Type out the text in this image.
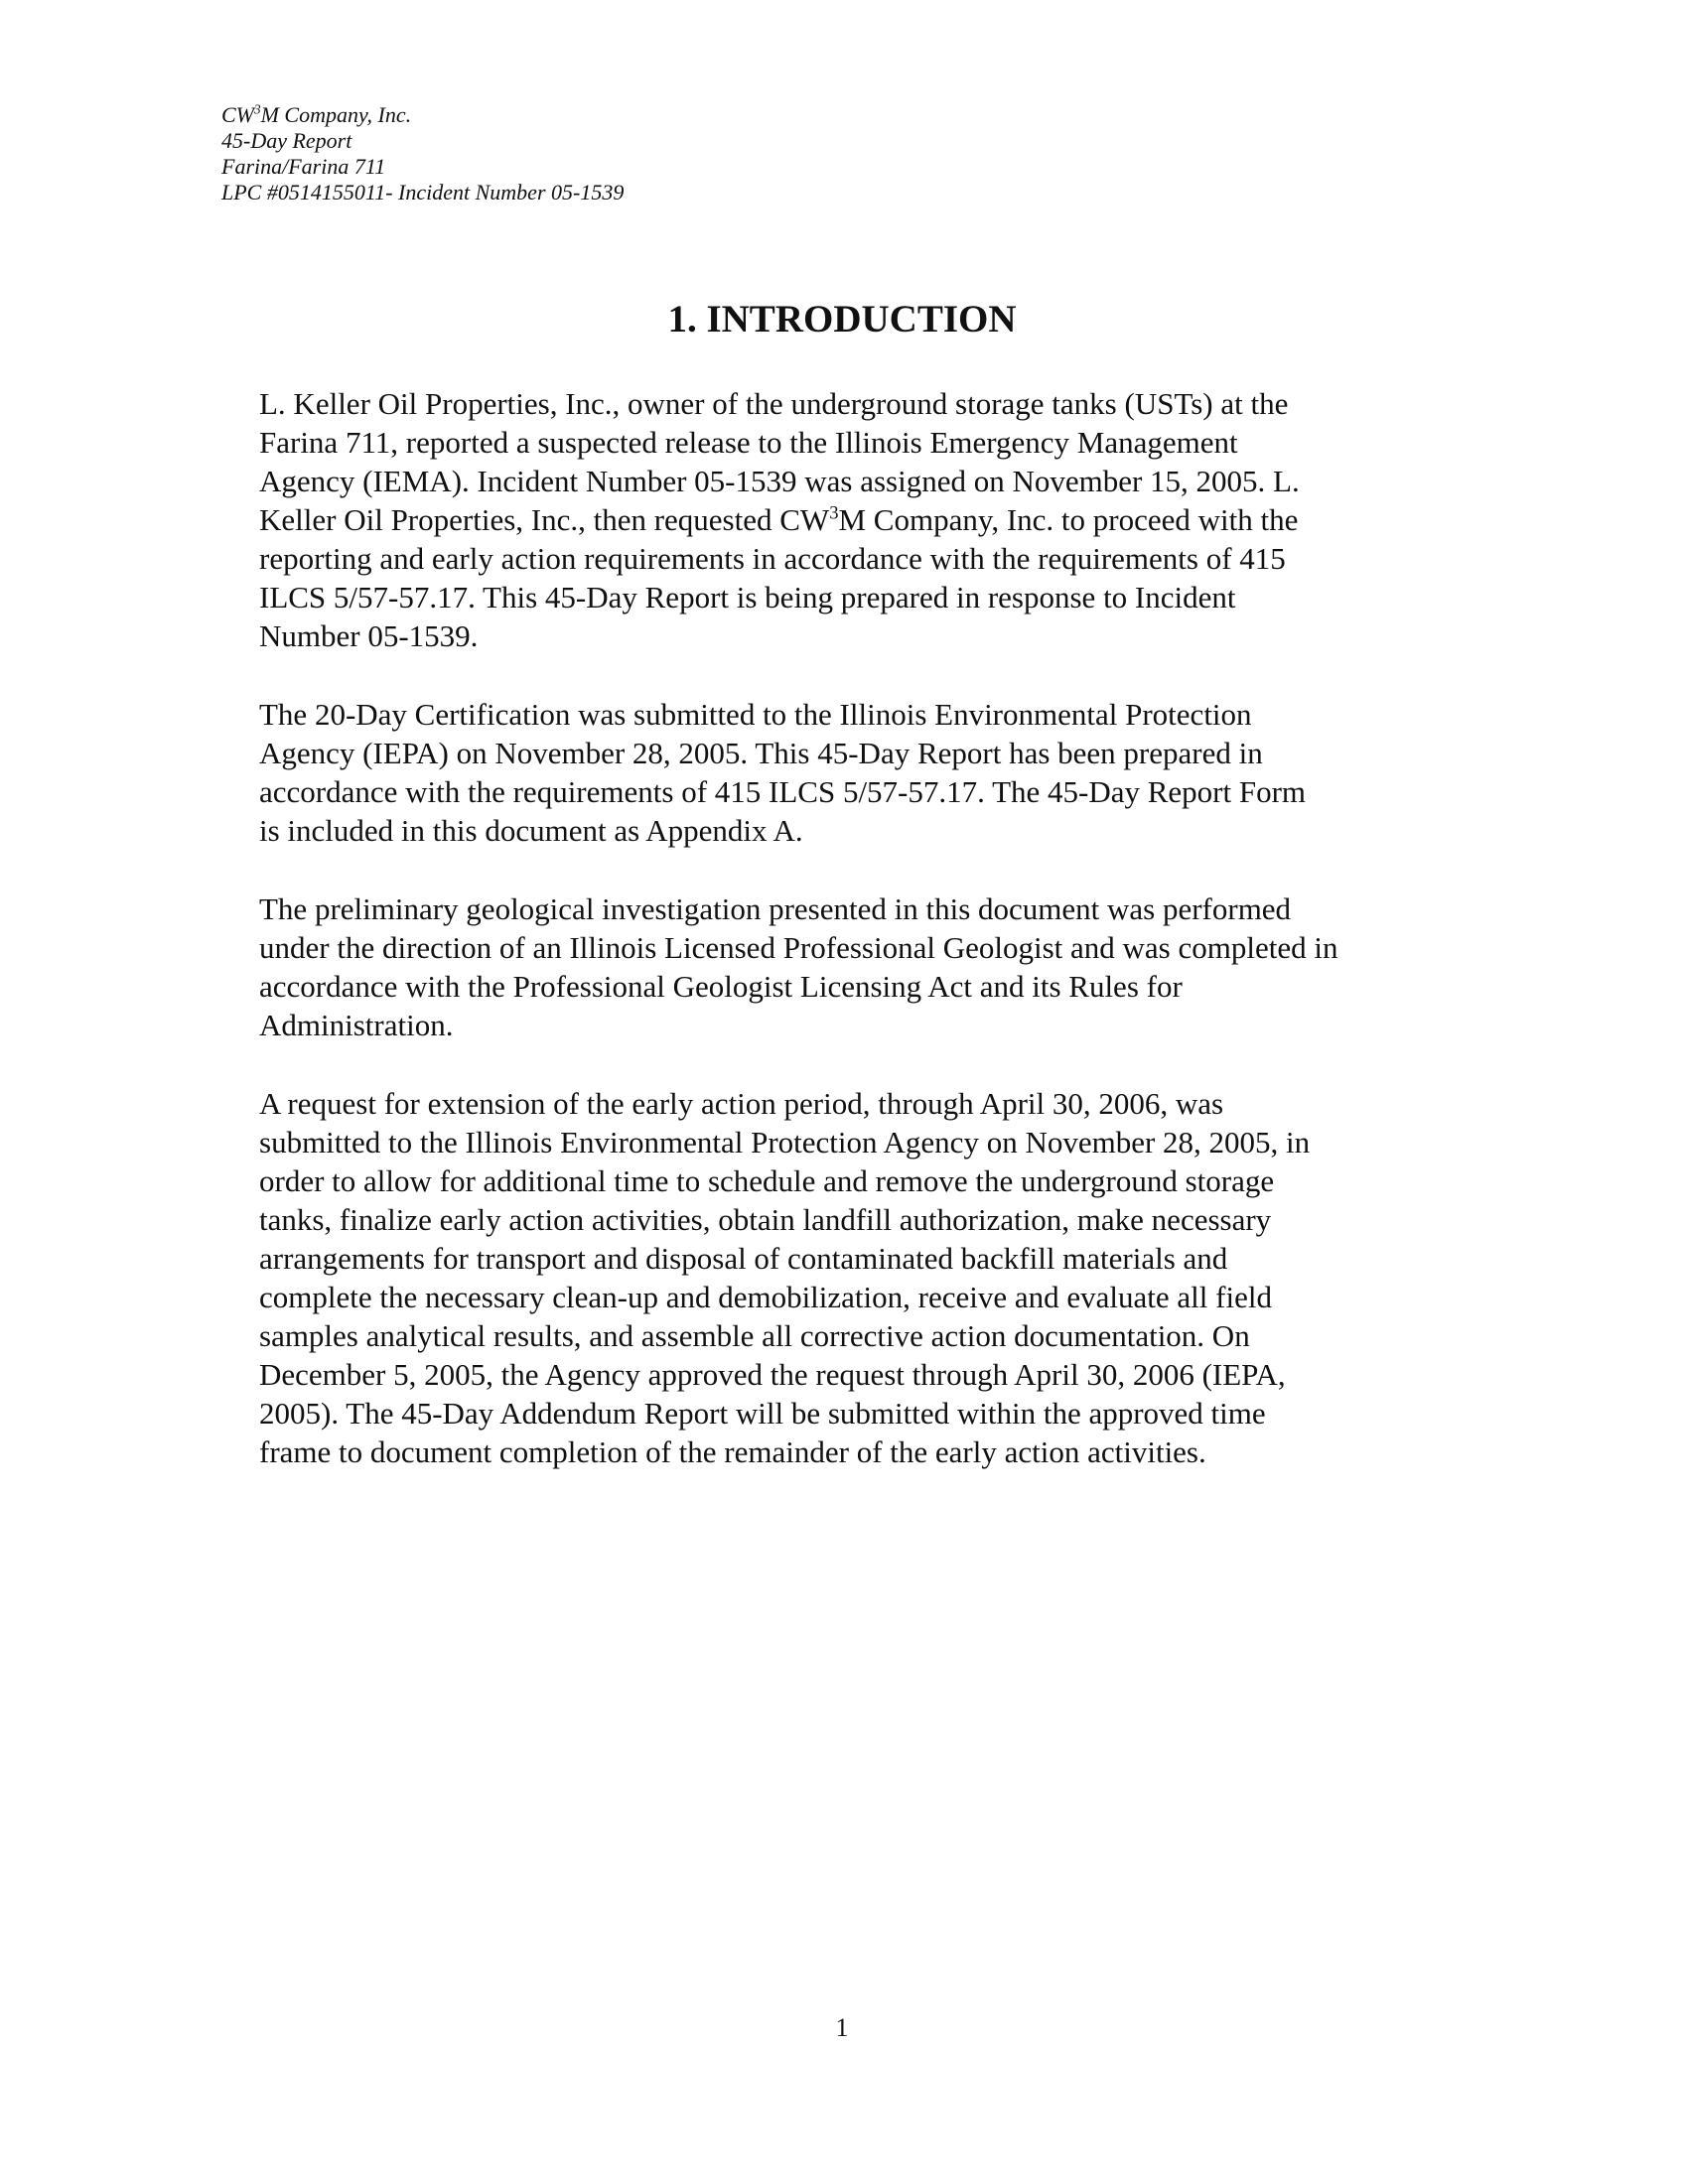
$CW^3M$ Company, Inc.
45-Day Report
Farina/Farina 711
LPC #0514155011- Incident Number 05-1539
1. INTRODUCTION

L. Keller Oil Properties, Inc., owner of the underground storage tanks (USTs) at the
Farina 711, reported a suspected release to the Illinois Emergency Management
Agency (IEMA). Incident Number 05-1539 was assigned on November 15, 2005. L.
Keller Oil Properties, Inc., then requested $CW^3M$ Company, Inc. to proceed with the
reporting and early action requirements in accordance with the requirements of 415
ILCS 5/57-57.17. This 45-Day Report is being prepared in response to Incident
Number 05-1539.

The 20-Day Certification was submitted to the Illinois Environmental Protection
Agency (IEPA) on November 28, 2005. This 45-Day Report has been prepared in
accordance with the requirements of 415 ILCS 5/57-57.17. The 45-Day Report Form
is included in this document as Appendix A.

The preliminary geological investigation presented in this document was performed
under the direction of an Illinois Licensed Professional Geologist and was completed in
accordance with the Professional Geologist Licensing Act and its Rules for
Administration.

A request for extension of the early action period, through April 30, 2006, was
submitted to the Illinois Environmental Protection Agency on November 28, 2005, in
order to allow for additional time to schedule and remove the underground storage
tanks, finalize early action activities, obtain landfill authorization, make necessary
arrangements for transport and disposal of contaminated backfill materials and
complete the necessary clean-up and demobilization, receive and evaluate all field
samples analytical results, and assemble all corrective action documentation. On
December 5, 2005, the Agency approved the request through April 30, 2006 (IEPA,
2005). The 45-Day Addendum Report will be submitted within the approved time
frame to document completion of the remainder of the early action activities.

1
